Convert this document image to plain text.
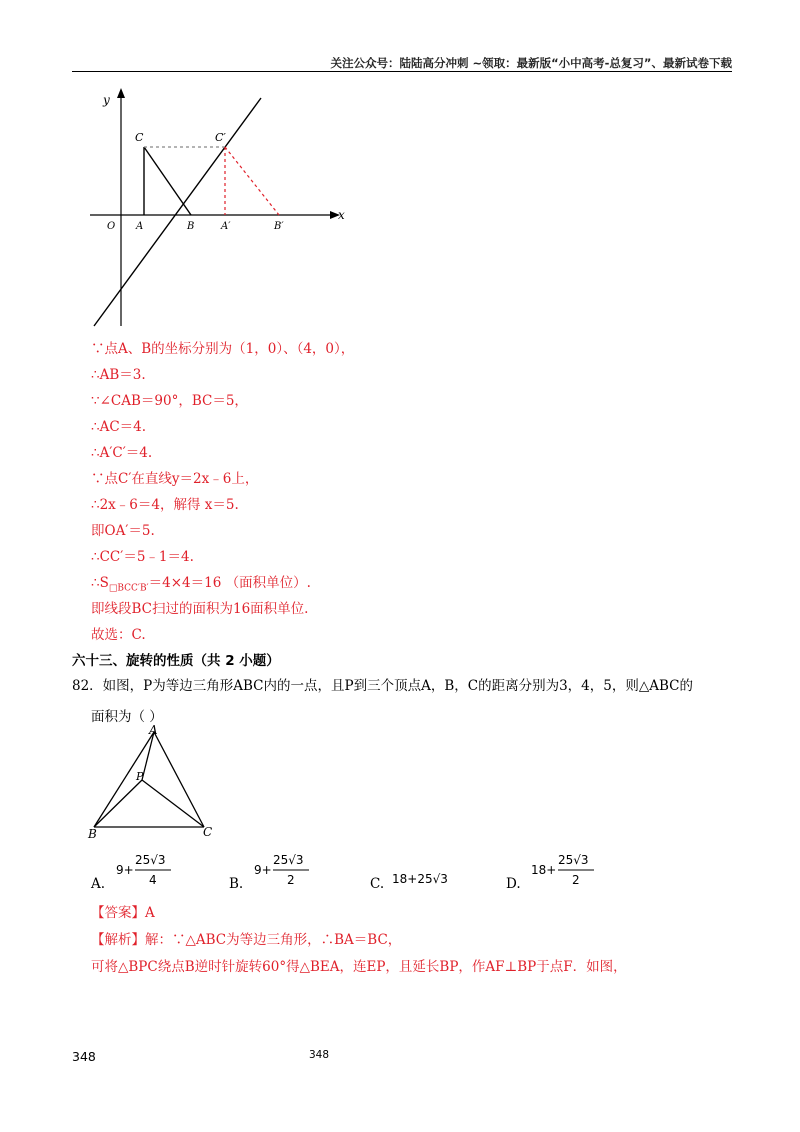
关注公众号：陆陆高分冲刺 ~领取：最新版“小中高考-总复习”、最新试卷下载
y
x
O A	B
C
A′	B′
C′
∵点A、B的坐标分别为（1，0）、（4，0），
∴AB＝3.
∵∠CAB＝90°，BC＝5，
∴AC＝4.
∴A′C′＝4.
∵点C′在直线y＝2x﹣6上，
∴2x﹣6＝4，解得 x＝5.
即OA′＝5.
∴CC′＝5﹣1＝4.
$\therefore S_{□BCC'B'}=4\times 4=16$ （面积单位）.
即线段BC扫过的面积为16面积单位.
故选：C.
六十三、旋转的性质（共 2 小题）
82．如图，P为等边三角形ABC内的一点，且P到三个顶点A，B，C的距离分别为3，4，5，则△ABC的
面积为（ ）
A
P
B	C
A.
9+
25√3
4	B.
9+
25√3
2	C. 18+25√3	D.
18+
25√3
2
【答案】A
【解析】解：∵△ABC为等边三角形，∴BA＝BC，
可将△BPC绕点B逆时针旋转60°得△BEA，连EP，且延长BP，作AF⊥BP于点F．如图，
348	348
